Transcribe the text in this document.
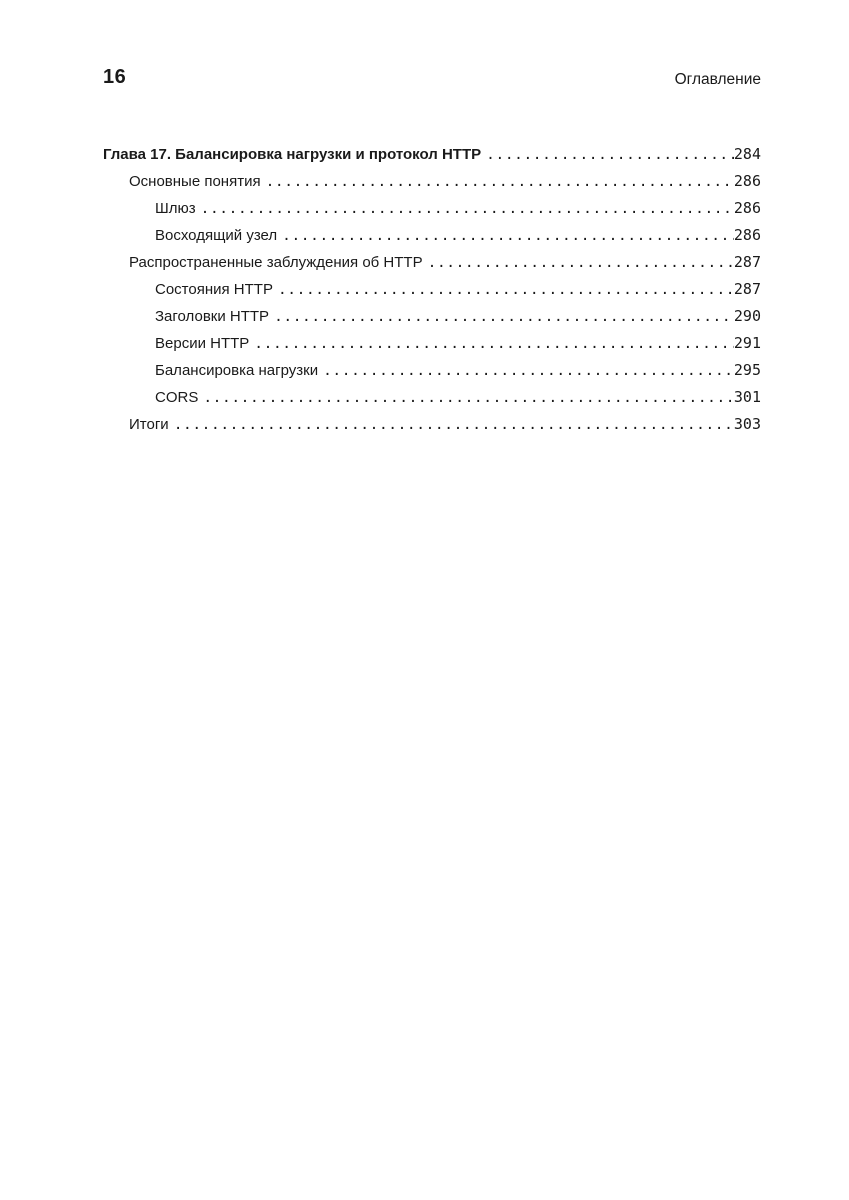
16	Оглавление
Глава 17. Балансировка нагрузки и протокол HTTP .....	284
Основные понятия .....	286
Шлюз .....	286
Восходящий узел .....	286
Распространенные заблуждения об HTTP .....	287
Состояния HTTP .....	287
Заголовки HTTP .....	290
Версии HTTP .....	291
Балансировка нагрузки .....	295
CORS .....	301
Итоги .....	303
